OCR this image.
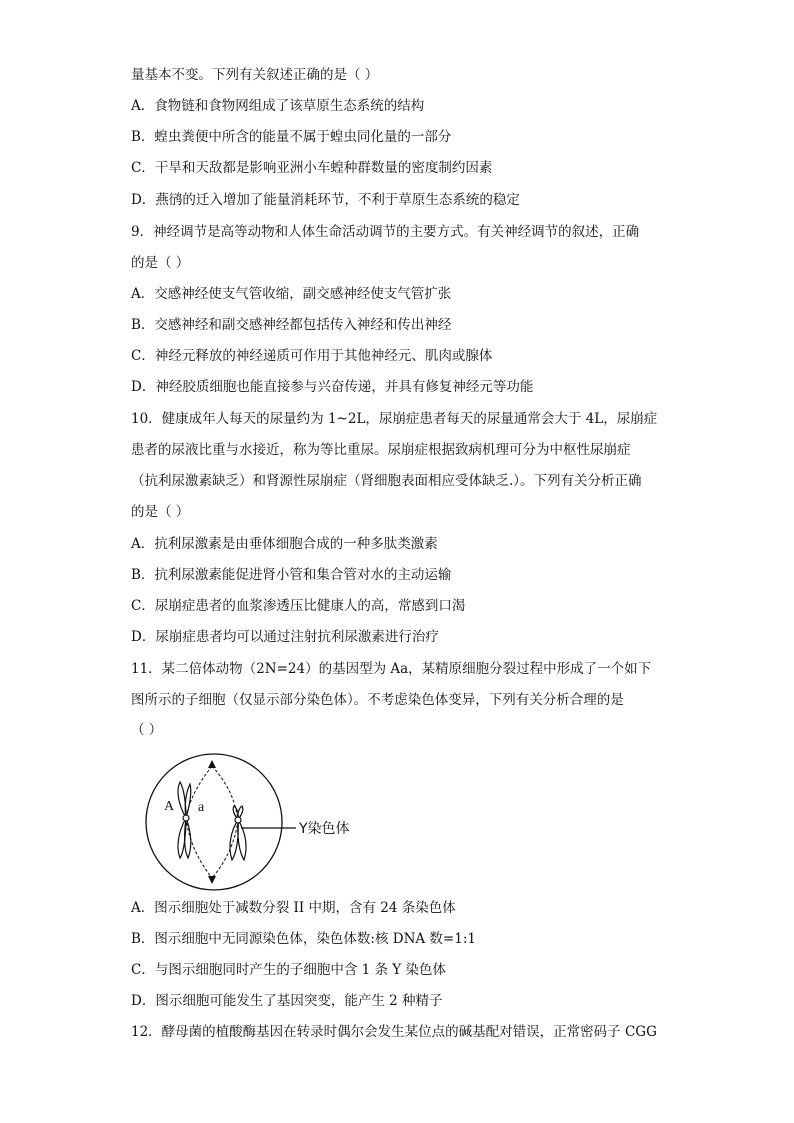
量基本不变。下列有关叙述正确的是（ ）
A．食物链和食物网组成了该草原生态系统的结构
B．蝗虫粪便中所含的能量不属于蝗虫同化量的一部分
C．干旱和天敌都是影响亚洲小车蝗种群数量的密度制约因素
D．燕鸻的迁入增加了能量消耗环节，不利于草原生态系统的稳定
9．神经调节是高等动物和人体生命活动调节的主要方式。有关神经调节的叙述，正确
的是（ ）
A．交感神经使支气管收缩，副交感神经使支气管扩张
B．交感神经和副交感神经都包括传入神经和传出神经
C．神经元释放的神经递质可作用于其他神经元、肌肉或腺体
D．神经胶质细胞也能直接参与兴奋传递，并具有修复神经元等功能
10．健康成年人每天的尿量约为 1~2L，尿崩症患者每天的尿量通常会大于 4L，尿崩症
患者的尿液比重与水接近，称为等比重尿。尿崩症根据致病机理可分为中枢性尿崩症
（抗利尿激素缺乏）和肾源性尿崩症（肾细胞表面相应受体缺乏.）。下列有关分析正确
的是（ ）
A．抗利尿激素是由垂体细胞合成的一种多肽类激素
B．抗利尿激素能促进肾小管和集合管对水的主动运输
C．尿崩症患者的血浆渗透压比健康人的高，常感到口渴
D．尿崩症患者均可以通过注射抗利尿激素进行治疗
11．某二倍体动物（2N=24）的基因型为 Aa，某精原细胞分裂过程中形成了一个如下
图所示的子细胞（仅显示部分染色体）。不考虑染色体变异，下列有关分析合理的是
（ ）
A a
Y染色体
A．图示细胞处于减数分裂 II 中期，含有 24 条染色体
B．图示细胞中无同源染色体，染色体数:核 DNA 数=1:1
C．与图示细胞同时产生的子细胞中含 1 条 Y 染色体
D．图示细胞可能发生了基因突变，能产生 2 种精子
12．酵母菌的植酸酶基因在转录时偶尔会发生某位点的碱基配对错误，正常密码子 CGG
